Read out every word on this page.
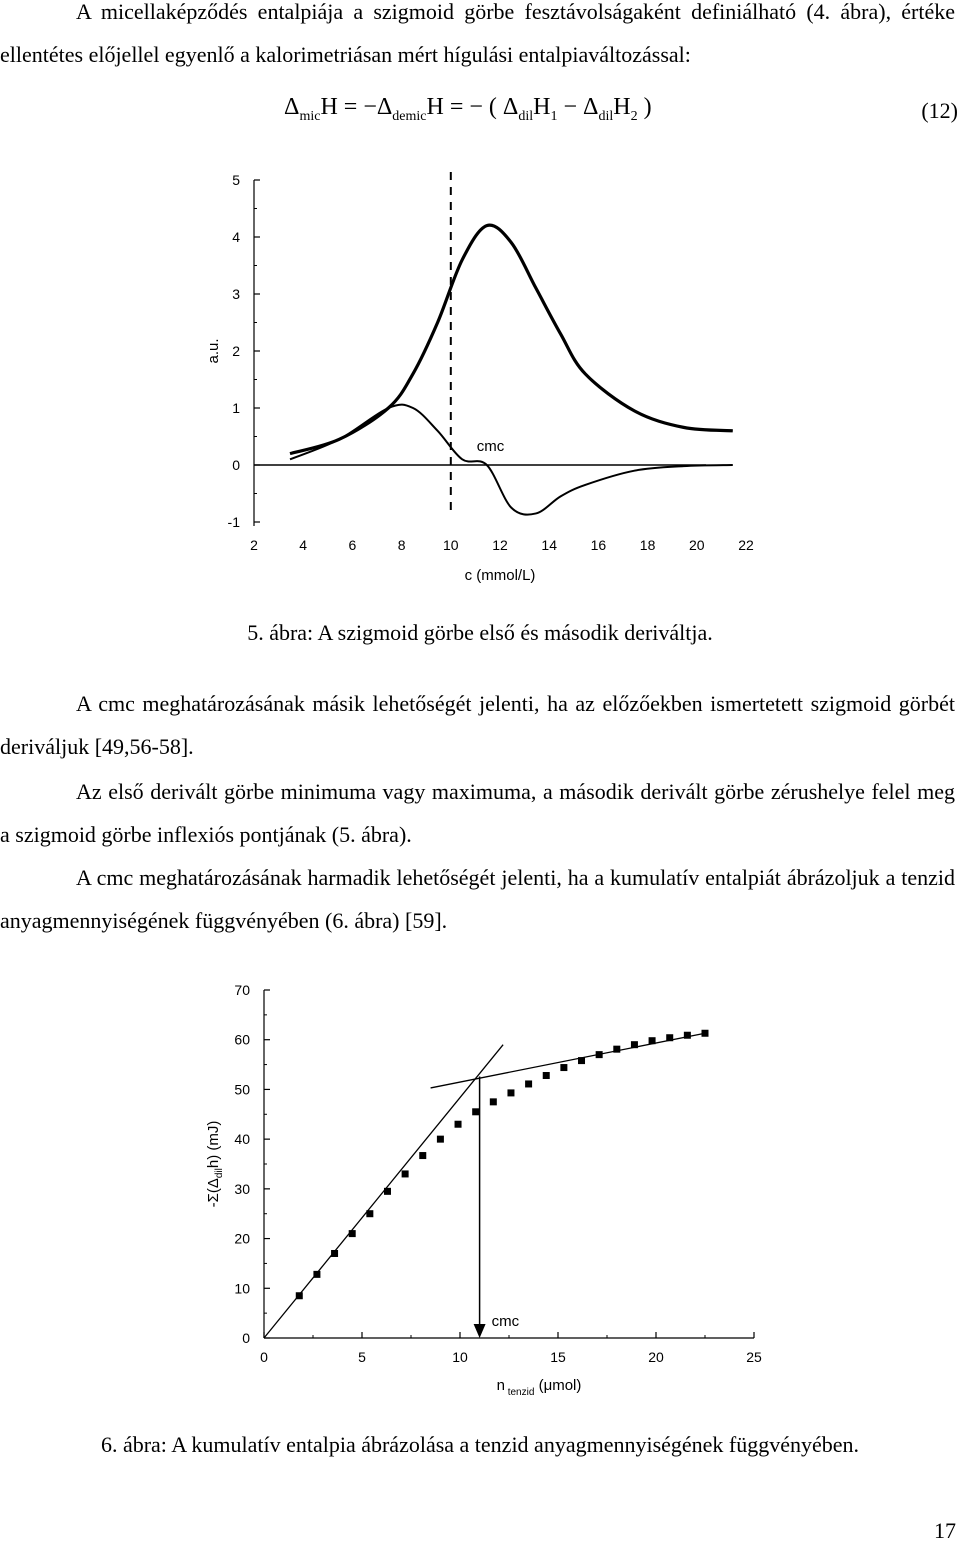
A micellaképződés entalpiája a szigmoid görbe fesztávolságaként definiálható (4. ábra), értéke ellentétes előjellel egyenlő a kalorimetriásan mért hígulási entalpiaváltozással:
$\Delta_{mic}H = -\Delta_{demic}H$ = − ( $\Delta_{dil}H_1 - \Delta_{dil}H_2$ )	(12)
-1
0
1
2
3
4
5
2	4	6	8	10 12 14 16 18 20 22
c (mmol/L)
a.u.
cmc
5. ábra: A szigmoid görbe első és második deriváltja.
A cmc meghatározásának másik lehetőségét jelenti, ha az előzőekben ismertetett szigmoid görbét deriváljuk [49,56-58].
Az első derivált görbe minimuma vagy maximuma, a második derivált görbe zérushelye felel meg a szigmoid görbe inflexiós pontjának (5. ábra).
A cmc meghatározásának harmadik lehetőségét jelenti, ha a kumulatív entalpiát ábrázoljuk a tenzid anyagmennyiségének függvényében (6. ábra) [59].
0
10
20
30
40
50
60
70
0	5	10	15	20	25
n $_{tenzid}$ (μmol)
$-\Sigma(\Delta_{dil}h)$ (mJ)
cmc
6. ábra: A kumulatív entalpia ábrázolása a tenzid anyagmennyiségének függvényében.
17
